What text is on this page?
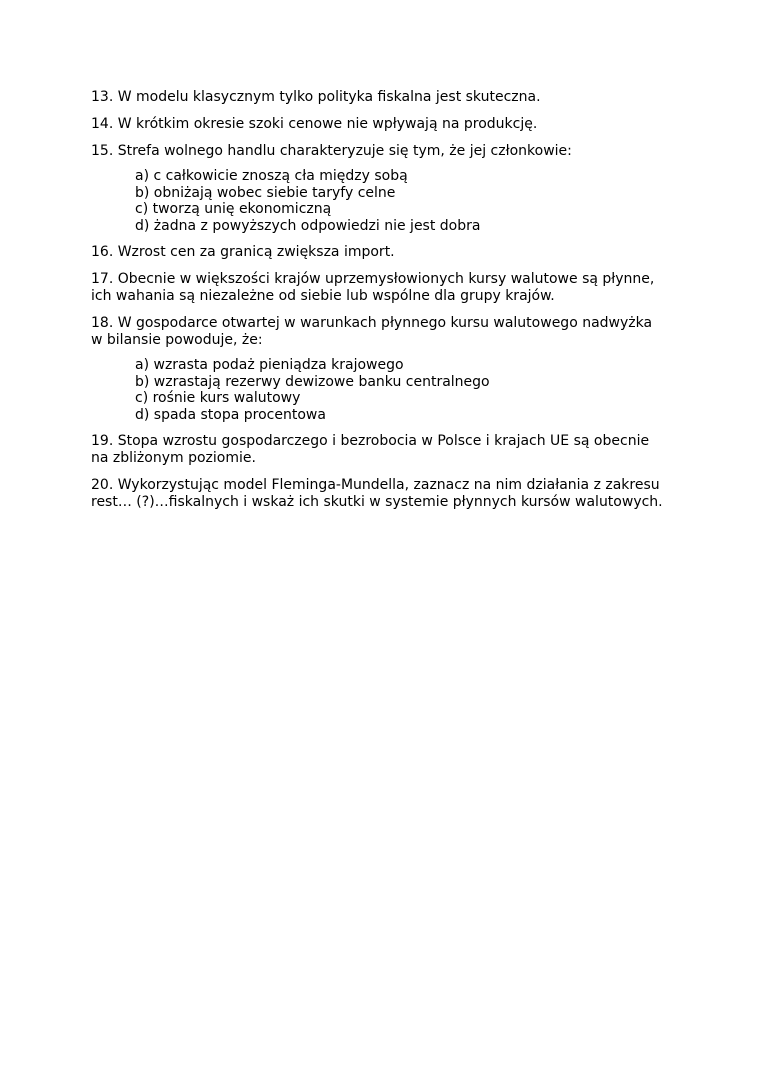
13. W modelu klasycznym tylko polityka fiskalna jest skuteczna.

14. W krótkim okresie szoki cenowe nie wpływają na produkcję.

15. Strefa wolnego handlu charakteryzuje się tym, że jej członkowie:

a) c całkowicie znoszą cła między sobą
b) obniżają wobec siebie taryfy celne
c) tworzą unię ekonomiczną
d) żadna z powyższych odpowiedzi nie jest dobra

16. Wzrost cen za granicą zwiększa import.

17. Obecnie w większości krajów uprzemysłowionych kursy walutowe są płynne,
ich wahania są niezależne od siebie lub wspólne dla grupy krajów.

18. W gospodarce otwartej w warunkach płynnego kursu walutowego nadwyżka
w bilansie powoduje, że:

a) wzrasta podaż pieniądza krajowego
b) wzrastają rezerwy dewizowe banku centralnego
c) rośnie kurs walutowy
d) spada stopa procentowa

19. Stopa wzrostu gospodarczego i bezrobocia w Polsce i krajach UE są obecnie
na zbliżonym poziomie.

20. Wykorzystując model Fleminga-Mundella, zaznacz na nim działania z zakresu
rest… (?)…fiskalnych i wskaż ich skutki w systemie płynnych kursów walutowych.
